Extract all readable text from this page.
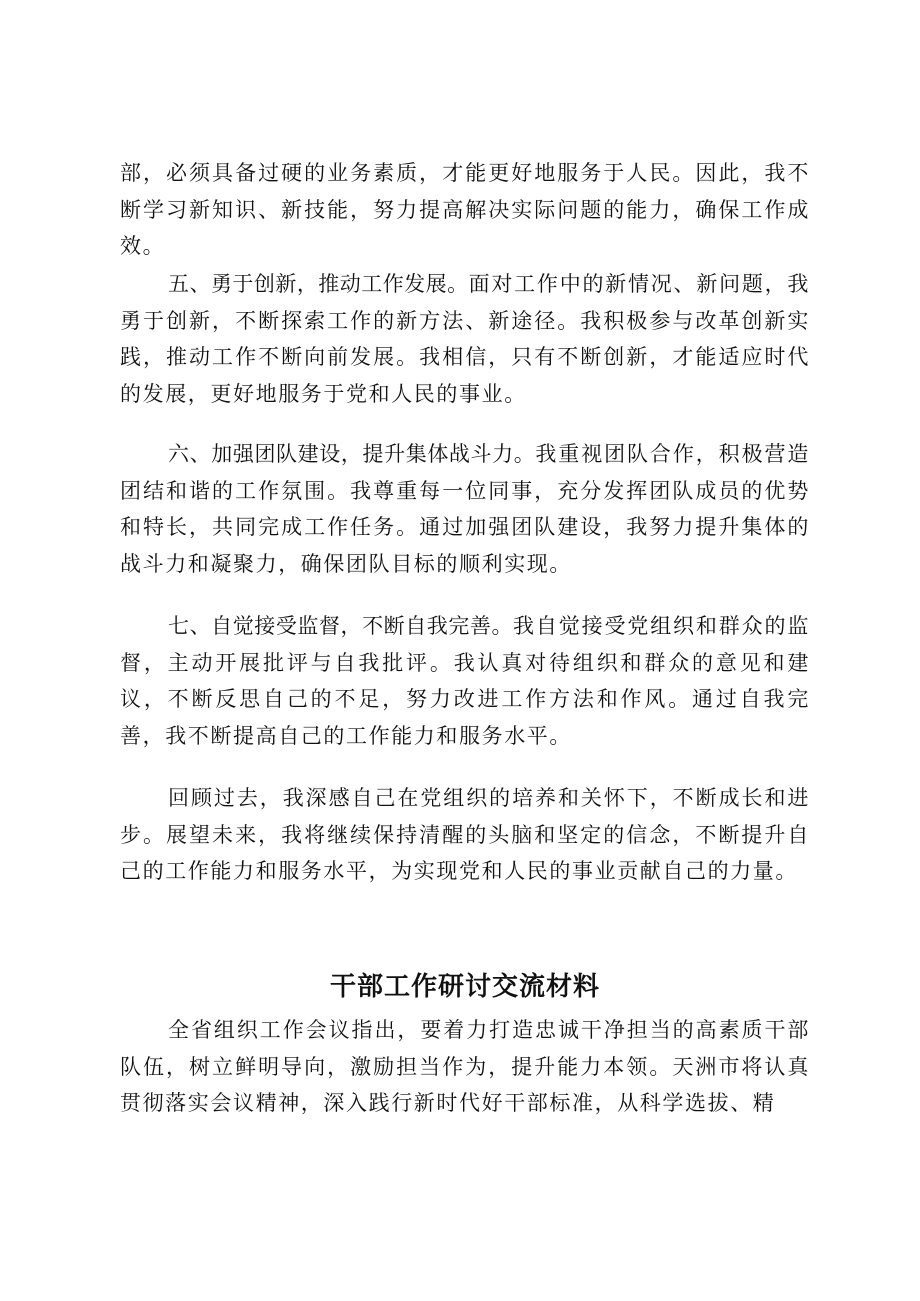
部，必须具备过硬的业务素质，才能更好地服务于人民。因此，我不断学习新知识、新技能，努力提高解决实际问题的能力，确保工作成效。

五、勇于创新，推动工作发展。面对工作中的新情况、新问题，我勇于创新，不断探索工作的新方法、新途径。我积极参与改革创新实践，推动工作不断向前发展。我相信，只有不断创新，才能适应时代的发展，更好地服务于党和人民的事业。

六、加强团队建设，提升集体战斗力。我重视团队合作，积极营造团结和谐的工作氛围。我尊重每一位同事，充分发挥团队成员的优势和特长，共同完成工作任务。通过加强团队建设，我努力提升集体的战斗力和凝聚力，确保团队目标的顺利实现。

七、自觉接受监督，不断自我完善。我自觉接受党组织和群众的监督，主动开展批评与自我批评。我认真对待组织和群众的意见和建议，不断反思自己的不足，努力改进工作方法和作风。通过自我完善，我不断提高自己的工作能力和服务水平。

回顾过去，我深感自己在党组织的培养和关怀下，不断成长和进步。展望未来，我将继续保持清醒的头脑和坚定的信念，不断提升自己的工作能力和服务水平，为实现党和人民的事业贡献自己的力量。

干部工作研讨交流材料

全省组织工作会议指出，要着力打造忠诚干净担当的高素质干部队伍，树立鲜明导向，激励担当作为，提升能力本领。天洲市将认真贯彻落实会议精神，深入践行新时代好干部标准，从科学选拔、精
